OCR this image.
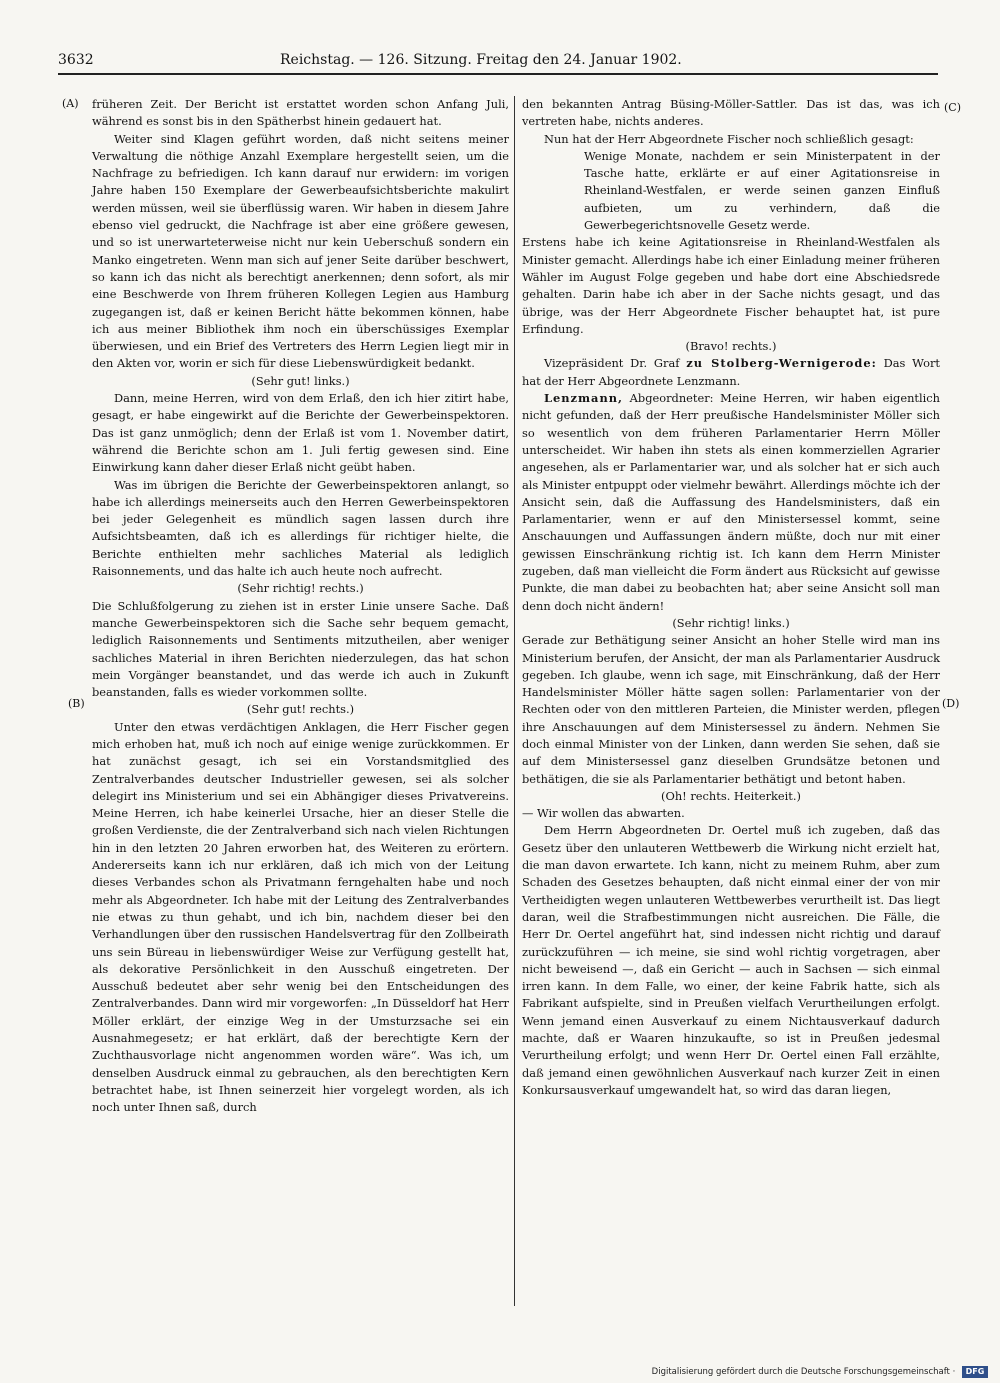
3632	Reichstag. — 126. Sitzung. Freitag den 24. Januar 1902.
(A)
(B)
(C)
(D)

früheren Zeit. Der Bericht ist erstattet worden schon Anfang Juli, während es sonst bis in den Spätherbst hinein gedauert hat.

Weiter sind Klagen geführt worden, daß nicht seitens meiner Verwaltung die nöthige Anzahl Exemplare hergestellt seien, um die Nachfrage zu befriedigen. Ich kann darauf nur erwidern: im vorigen Jahre haben 150 Exemplare der Gewerbeaufsichtsberichte makulirt werden müssen, weil sie überflüssig waren. Wir haben in diesem Jahre ebenso viel gedruckt, die Nachfrage ist aber eine größere gewesen, und so ist unerwarteterweise nicht nur kein Ueberschuß sondern ein Manko eingetreten. Wenn man sich auf jener Seite darüber beschwert, so kann ich das nicht als berechtigt anerkennen; denn sofort, als mir eine Beschwerde von Ihrem früheren Kollegen Legien aus Hamburg zugegangen ist, daß er keinen Bericht hätte bekommen können, habe ich aus meiner Bibliothek ihm noch ein überschüssiges Exemplar überwiesen, und ein Brief des Vertreters des Herrn Legien liegt mir in den Akten vor, worin er sich für diese Liebenswürdigkeit bedankt.

(Sehr gut! links.)

Dann, meine Herren, wird von dem Erlaß, den ich hier zitirt habe, gesagt, er habe eingewirkt auf die Berichte der Gewerbeinspektoren. Das ist ganz unmöglich; denn der Erlaß ist vom 1. November datirt, während die Berichte schon am 1. Juli fertig gewesen sind. Eine Einwirkung kann daher dieser Erlaß nicht geübt haben.

Was im übrigen die Berichte der Gewerbeinspektoren anlangt, so habe ich allerdings meinerseits auch den Herren Gewerbeinspektoren bei jeder Gelegenheit es mündlich sagen lassen durch ihre Aufsichtsbeamten, daß ich es allerdings für richtiger hielte, die Berichte enthielten mehr sachliches Material als lediglich Raisonnements, und das halte ich auch heute noch aufrecht.

(Sehr richtig! rechts.)

Die Schlußfolgerung zu ziehen ist in erster Linie unsere Sache. Daß manche Gewerbeinspektoren sich die Sache sehr bequem gemacht, lediglich Raisonnements und Sentiments mitzutheilen, aber weniger sachliches Material in ihren Berichten niederzulegen, das hat schon mein Vorgänger beanstandet, und das werde ich auch in Zukunft beanstanden, falls es wieder vorkommen sollte.

(Sehr gut! rechts.)

Unter den etwas verdächtigen Anklagen, die Herr Fischer gegen mich erhoben hat, muß ich noch auf einige wenige zurückkommen. Er hat zunächst gesagt, ich sei ein Vorstandsmitglied des Zentralverbandes deutscher Industrieller gewesen, sei als solcher delegirt ins Ministerium und sei ein Abhängiger dieses Privatvereins. Meine Herren, ich habe keinerlei Ursache, hier an dieser Stelle die großen Verdienste, die der Zentralverband sich nach vielen Richtungen hin in den letzten 20 Jahren erworben hat, des Weiteren zu erörtern. Andererseits kann ich nur erklären, daß ich mich von der Leitung dieses Verbandes schon als Privatmann ferngehalten habe und noch mehr als Abgeordneter. Ich habe mit der Leitung des Zentralverbandes nie etwas zu thun gehabt, und ich bin, nachdem dieser bei den Verhandlungen über den russischen Handelsvertrag für den Zollbeirath uns sein Büreau in liebenswürdiger Weise zur Verfügung gestellt hat, als dekorative Persönlichkeit in den Ausschuß eingetreten. Der Ausschuß bedeutet aber sehr wenig bei den Entscheidungen des Zentralverbandes. Dann wird mir vorgeworfen: „In Düsseldorf hat Herr Möller erklärt, der einzige Weg in der Umsturzsache sei ein Ausnahmegesetz; er hat erklärt, daß der berechtigte Kern der Zuchthausvorlage nicht angenommen worden wäre“. Was ich, um denselben Ausdruck einmal zu gebrauchen, als den berechtigten Kern betrachtet habe, ist Ihnen seinerzeit hier vorgelegt worden, als ich noch unter Ihnen saß, durch

den bekannten Antrag Büsing-Möller-Sattler. Das ist das, was ich vertreten habe, nichts anderes.

Nun hat der Herr Abgeordnete Fischer noch schließlich gesagt:

Wenige Monate, nachdem er sein Ministerpatent in der Tasche hatte, erklärte er auf einer Agitationsreise in Rheinland-Westfalen, er werde seinen ganzen Einfluß aufbieten, um zu verhindern, daß die Gewerbegerichtsnovelle Gesetz werde.

Erstens habe ich keine Agitationsreise in Rheinland-Westfalen als Minister gemacht. Allerdings habe ich einer Einladung meiner früheren Wähler im August Folge gegeben und habe dort eine Abschiedsrede gehalten. Darin habe ich aber in der Sache nichts gesagt, und das übrige, was der Herr Abgeordnete Fischer behauptet hat, ist pure Erfindung.

(Bravo! rechts.)

Vizepräsident Dr. Graf zu Stolberg-Wernigerode: Das Wort hat der Herr Abgeordnete Lenzmann.

Lenzmann, Abgeordneter: Meine Herren, wir haben eigentlich nicht gefunden, daß der Herr preußische Handelsminister Möller sich so wesentlich von dem früheren Parlamentarier Herrn Möller unterscheidet. Wir haben ihn stets als einen kommerziellen Agrarier angesehen, als er Parlamentarier war, und als solcher hat er sich auch als Minister entpuppt oder vielmehr bewährt. Allerdings möchte ich der Ansicht sein, daß die Auffassung des Handelsministers, daß ein Parlamentarier, wenn er auf den Ministersessel kommt, seine Anschauungen und Auffassungen ändern müßte, doch nur mit einer gewissen Einschränkung richtig ist. Ich kann dem Herrn Minister zugeben, daß man vielleicht die Form ändert aus Rücksicht auf gewisse Punkte, die man dabei zu beobachten hat; aber seine Ansicht soll man denn doch nicht ändern!

(Sehr richtig! links.)

Gerade zur Bethätigung seiner Ansicht an hoher Stelle wird man ins Ministerium berufen, der Ansicht, der man als Parlamentarier Ausdruck gegeben. Ich glaube, wenn ich sage, mit Einschränkung, daß der Herr Handelsminister Möller hätte sagen sollen: Parlamentarier von der Rechten oder von den mittleren Parteien, die Minister werden, pflegen ihre Anschauungen auf dem Ministersessel zu ändern. Nehmen Sie doch einmal Minister von der Linken, dann werden Sie sehen, daß sie auf dem Ministersessel ganz dieselben Grundsätze betonen und bethätigen, die sie als Parlamentarier bethätigt und betont haben.

(Oh! rechts. Heiterkeit.)

— Wir wollen das abwarten.

Dem Herrn Abgeordneten Dr. Oertel muß ich zugeben, daß das Gesetz über den unlauteren Wettbewerb die Wirkung nicht erzielt hat, die man davon erwartete. Ich kann, nicht zu meinem Ruhm, aber zum Schaden des Gesetzes behaupten, daß nicht einmal einer der von mir Vertheidigten wegen unlauteren Wettbewerbes verurtheilt ist. Das liegt daran, weil die Strafbestimmungen nicht ausreichen. Die Fälle, die Herr Dr. Oertel angeführt hat, sind indessen nicht richtig und darauf zurückzuführen — ich meine, sie sind wohl richtig vorgetragen, aber nicht beweisend —, daß ein Gericht — auch in Sachsen — sich einmal irren kann. In dem Falle, wo einer, der keine Fabrik hatte, sich als Fabrikant aufspielte, sind in Preußen vielfach Verurtheilungen erfolgt. Wenn jemand einen Ausverkauf zu einem Nichtausverkauf dadurch machte, daß er Waaren hinzukaufte, so ist in Preußen jedesmal Verurtheilung erfolgt; und wenn Herr Dr. Oertel einen Fall erzählte, daß jemand einen gewöhnlichen Ausverkauf nach kurzer Zeit in einen Konkursausverkauf umgewandelt hat, so wird das daran liegen,

Digitalisierung gefördert durch die Deutsche Forschungsgemeinschaft · DFG
